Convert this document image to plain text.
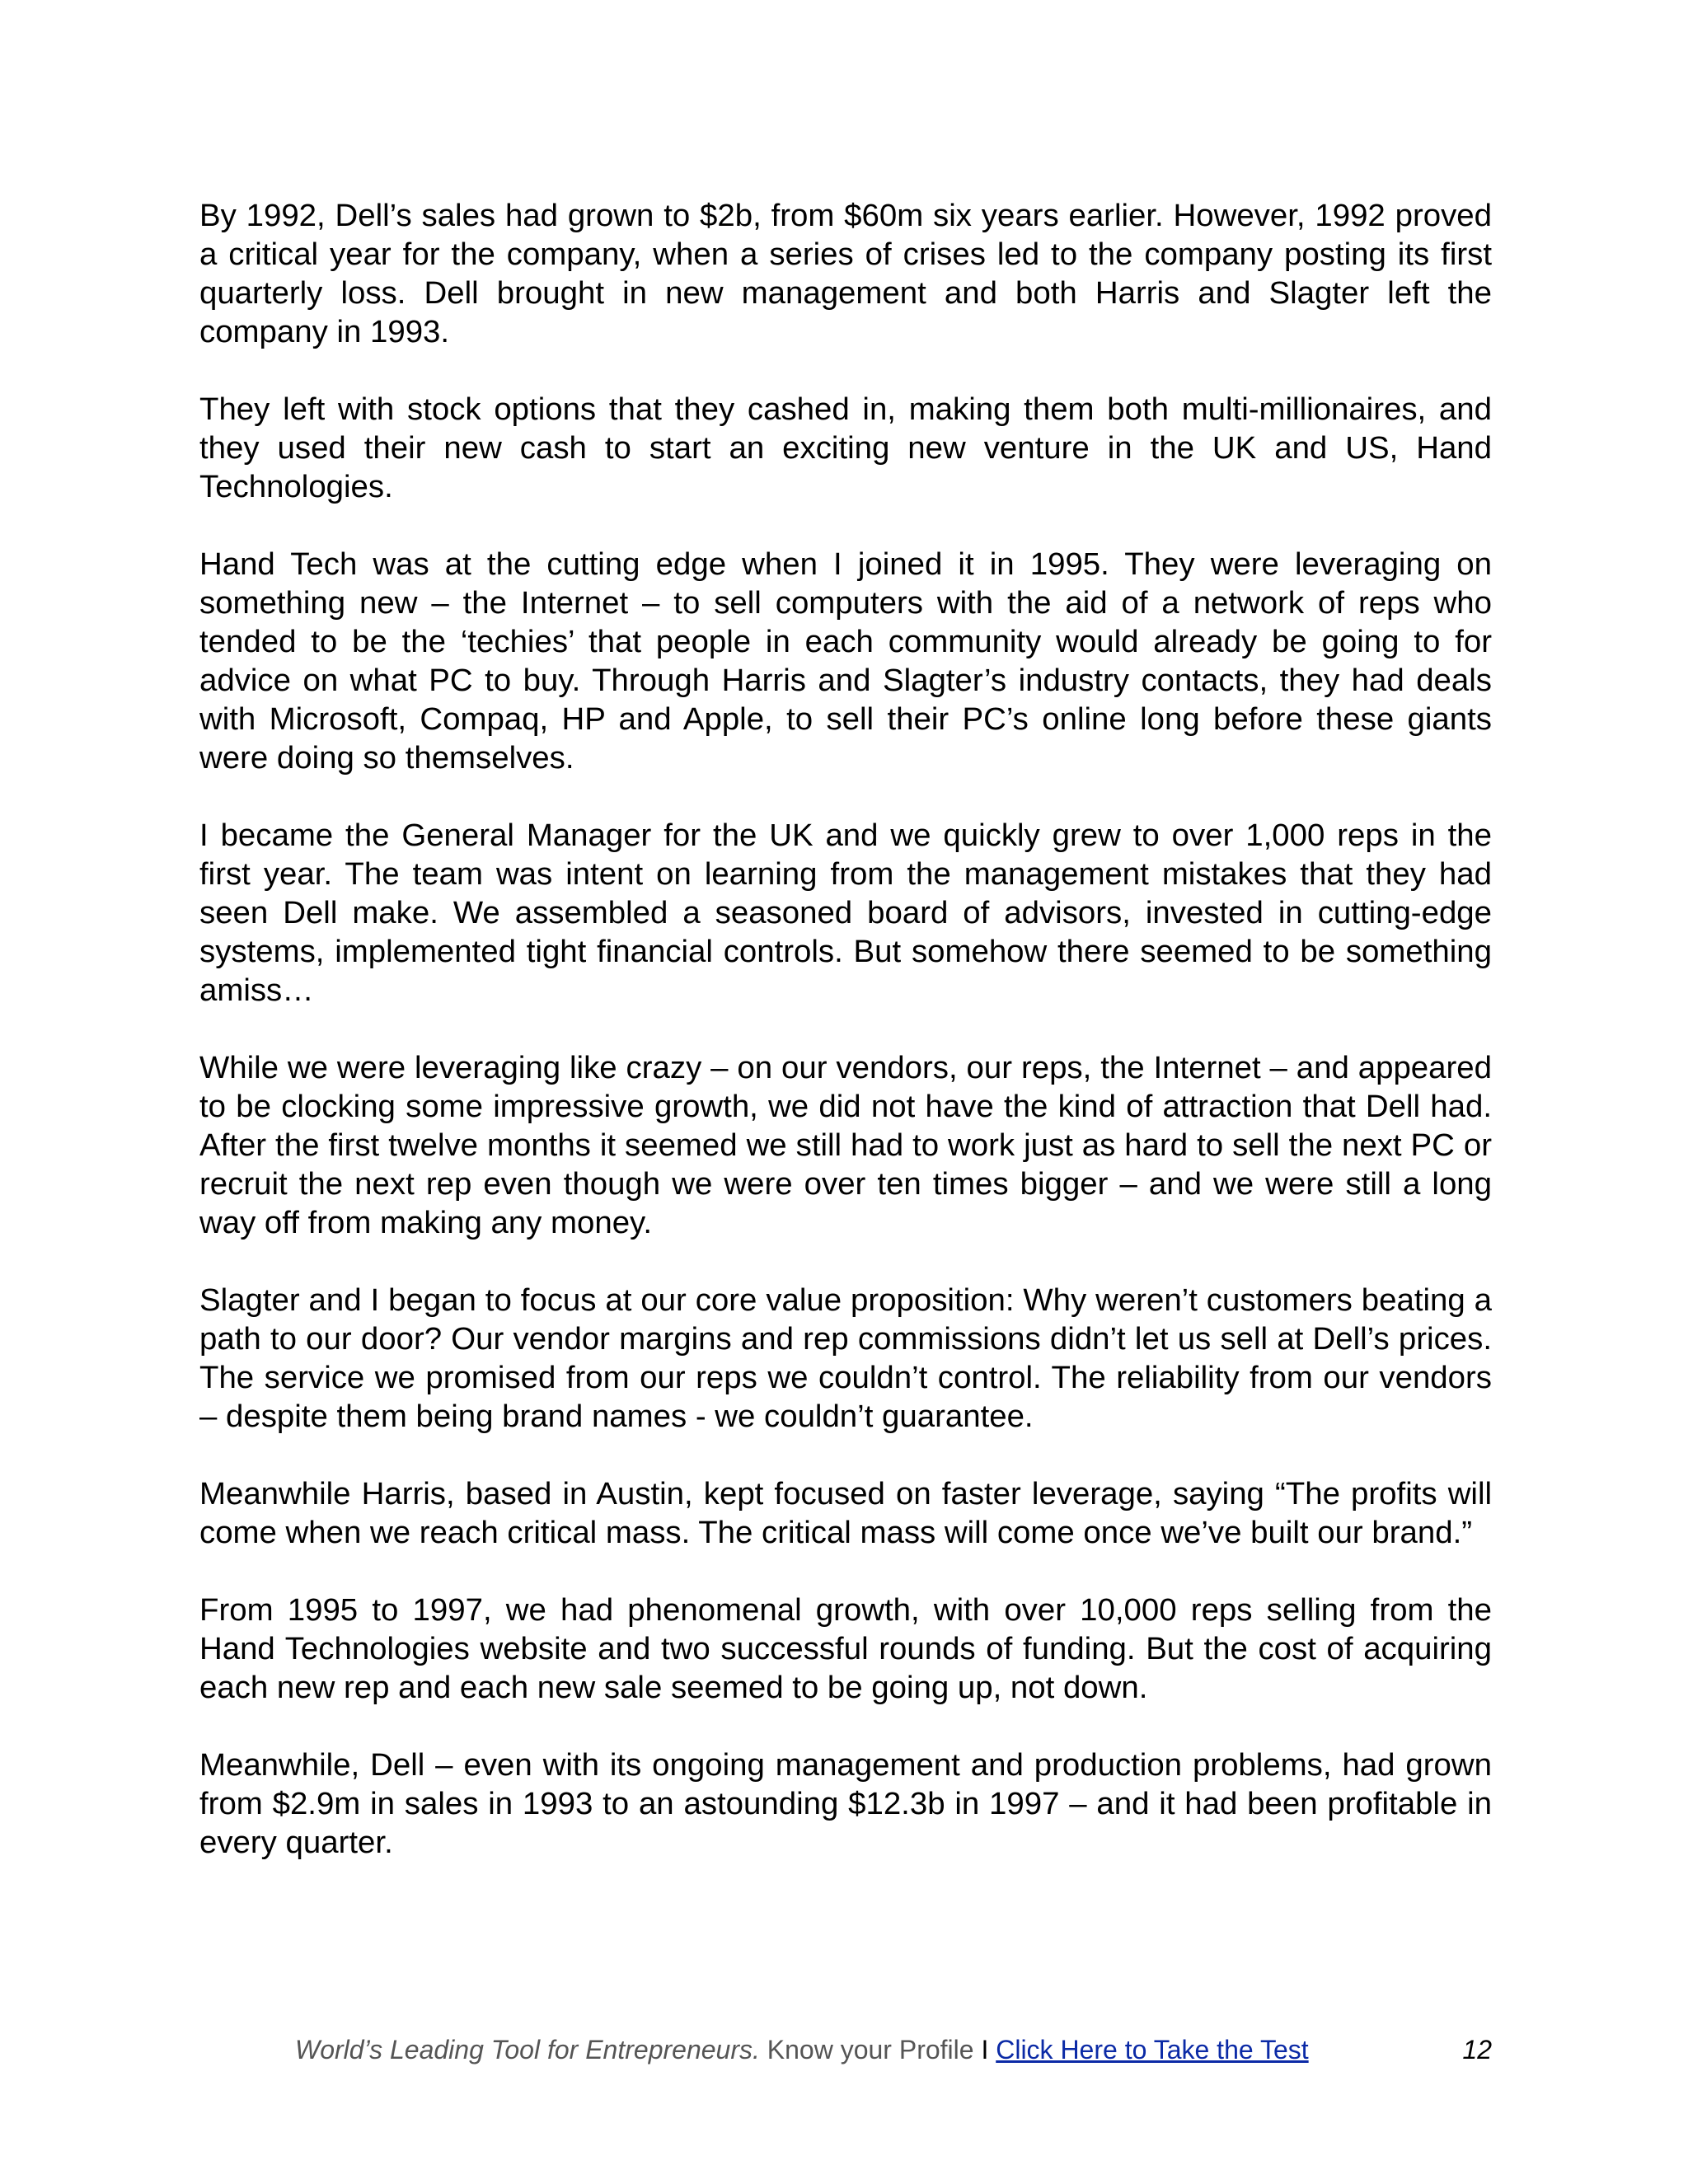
By 1992, Dell’s sales had grown to $2b, from $60m six years earlier. However, 1992 proved a critical year for the company, when a series of crises led to the company posting its first quarterly loss. Dell brought in new management and both Harris and Slagter left the company in 1993.

They left with stock options that they cashed in, making them both multi-millionaires, and they used their new cash to start an exciting new venture in the UK and US, Hand Technologies.

Hand Tech was at the cutting edge when I joined it in 1995. They were leveraging on something new – the Internet – to sell computers with the aid of a network of reps who tended to be the ‘techies’ that people in each community would already be going to for advice on what PC to buy. Through Harris and Slagter’s industry contacts, they had deals with Microsoft, Compaq, HP and Apple, to sell their PC’s online long before these giants were doing so themselves.

I became the General Manager for the UK and we quickly grew to over 1,000 reps in the first year. The team was intent on learning from the management mistakes that they had seen Dell make. We assembled a seasoned board of advisors, invested in cutting-edge systems, implemented tight financial controls. But somehow there seemed to be something amiss…

While we were leveraging like crazy – on our vendors, our reps, the Internet – and appeared to be clocking some impressive growth, we did not have the kind of attraction that Dell had. After the first twelve months it seemed we still had to work just as hard to sell the next PC or recruit the next rep even though we were over ten times bigger – and we were still a long way off from making any money.

Slagter and I began to focus at our core value proposition: Why weren’t customers beating a path to our door? Our vendor margins and rep commissions didn’t let us sell at Dell’s prices. The service we promised from our reps we couldn’t control. The reliability from our vendors – despite them being brand names - we couldn’t guarantee.

Meanwhile Harris, based in Austin, kept focused on faster leverage, saying “The profits will come when we reach critical mass. The critical mass will come once we’ve built our brand.”

From 1995 to 1997, we had phenomenal growth, with over 10,000 reps selling from the Hand Technologies website and two successful rounds of funding. But the cost of acquiring each new rep and each new sale seemed to be going up, not down.

Meanwhile, Dell – even with its ongoing management and production problems, had grown from $2.9m in sales in 1993 to an astounding $12.3b in 1997 – and it had been profitable in every quarter.

World’s Leading Tool for Entrepreneurs. Know your Profile I Click Here to Take the Test	12
